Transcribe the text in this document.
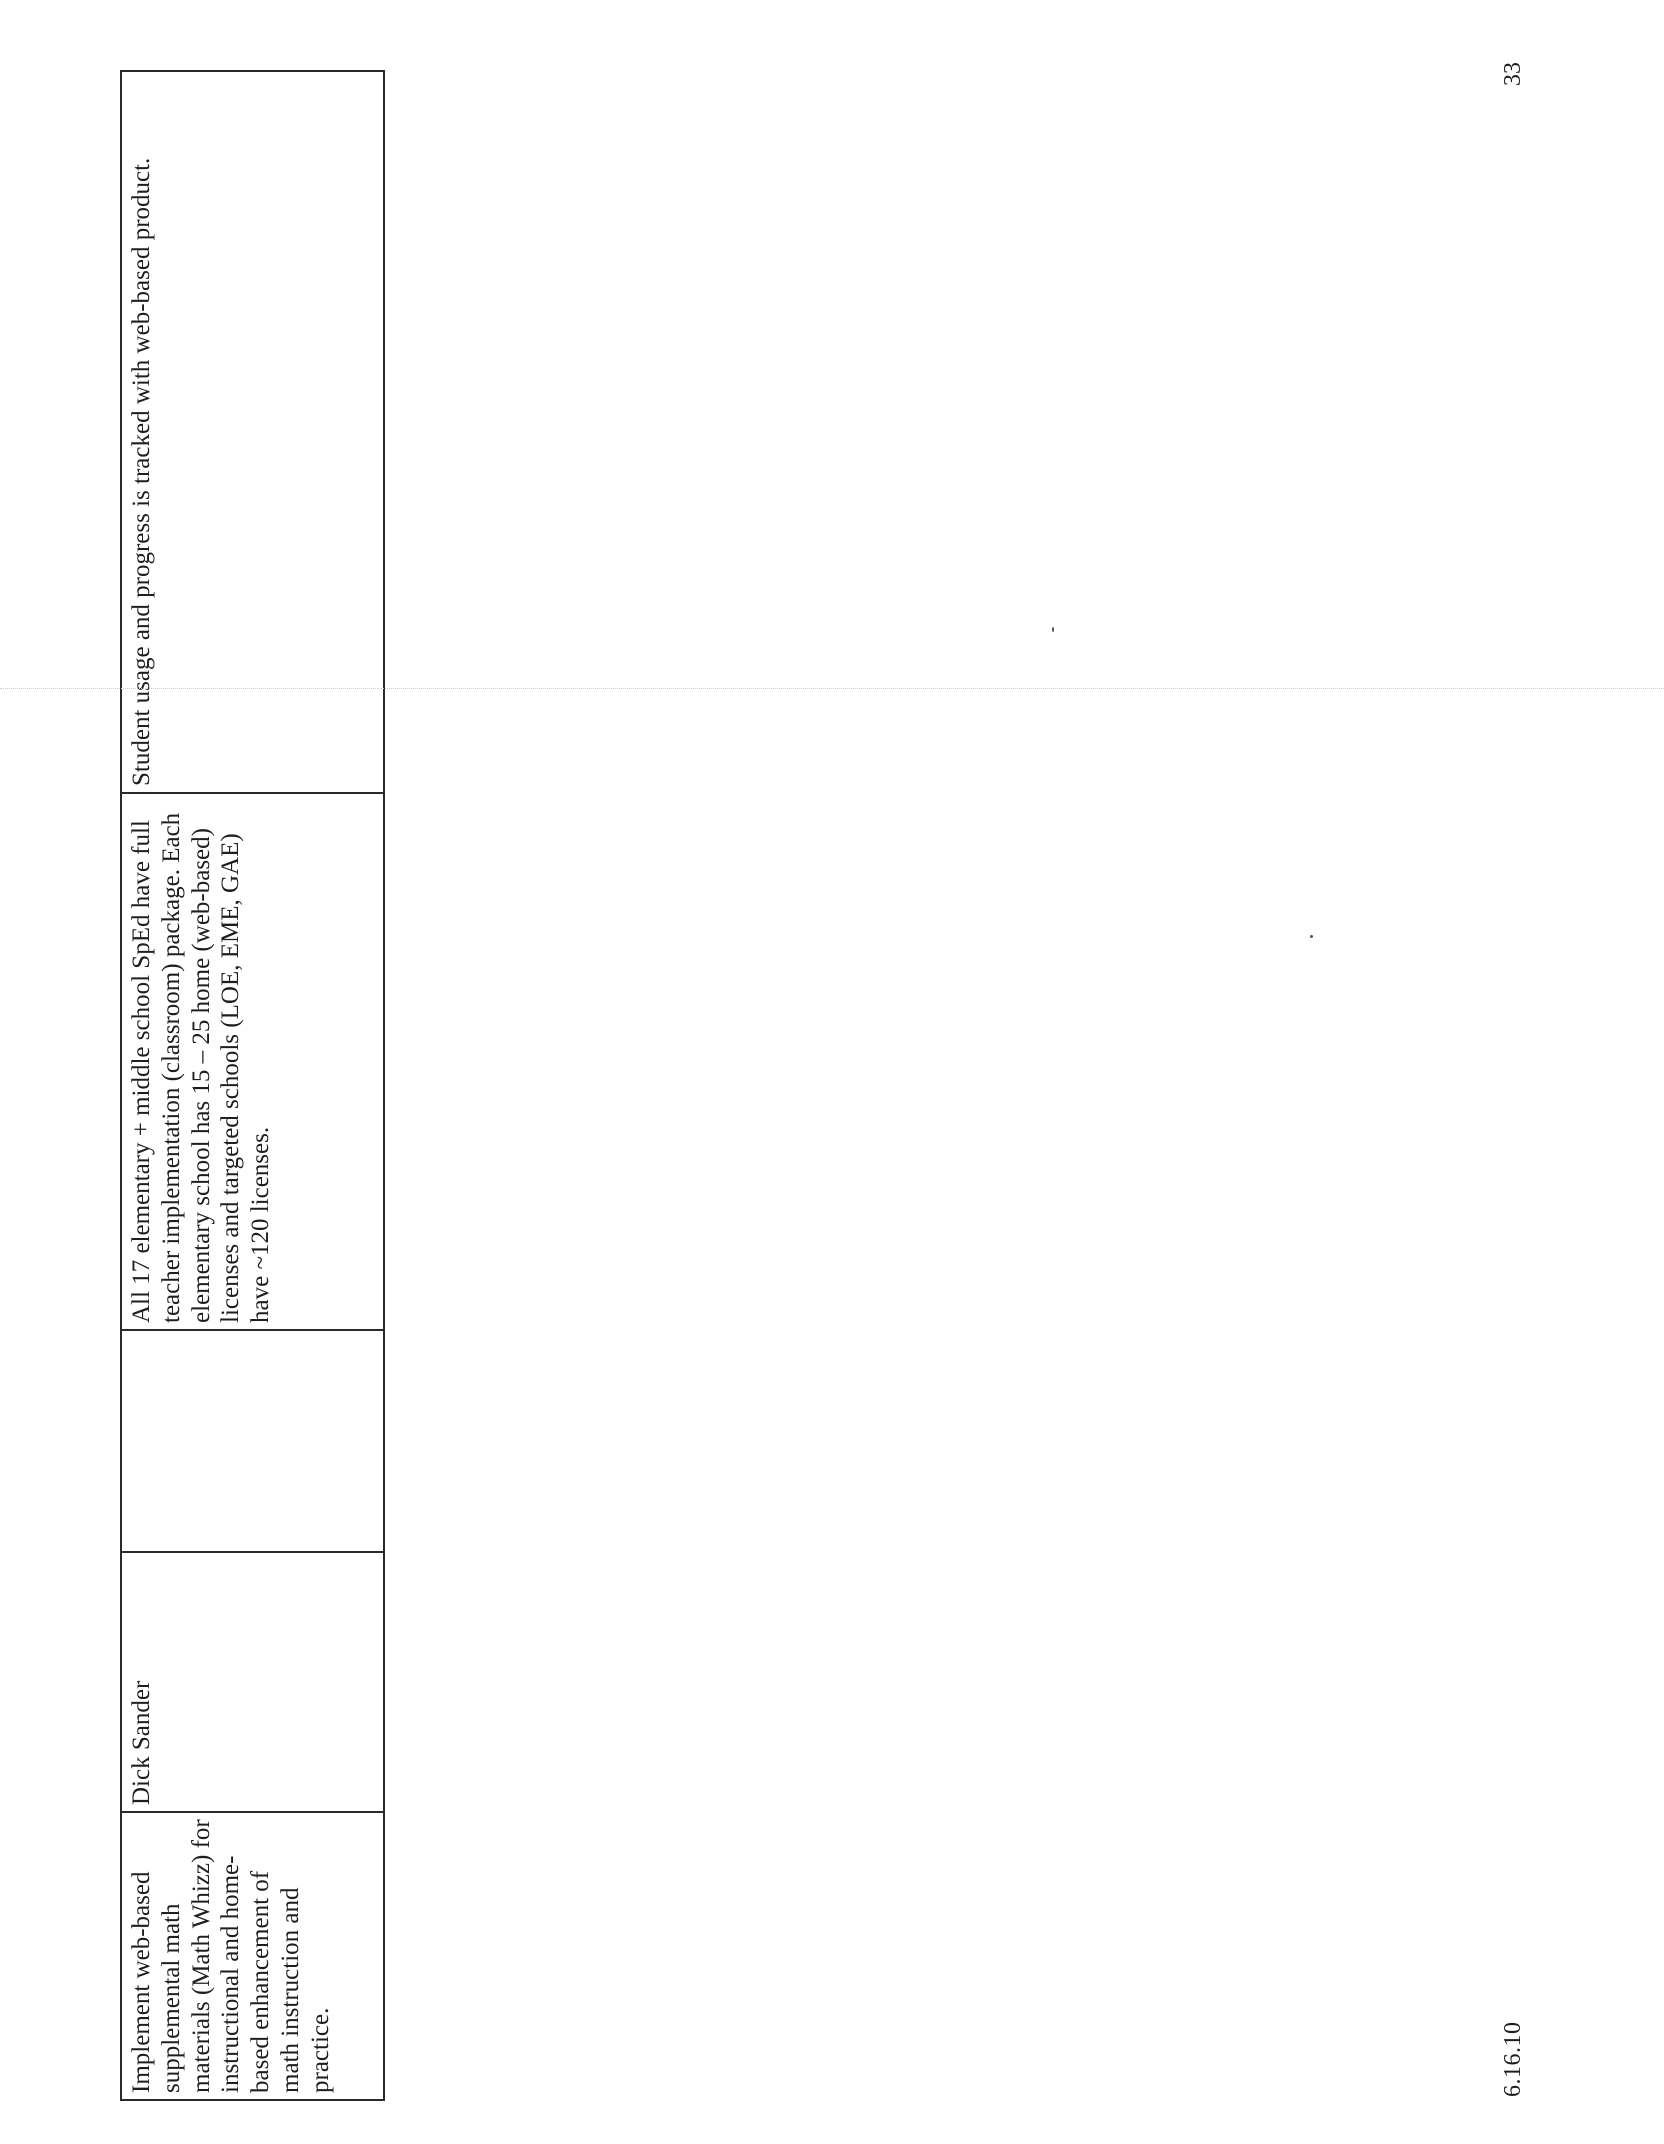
Implement web-based supplemental math materials (Math Whizz) for instructional and home-based enhancement of math instruction and practice.	Dick Sander		All 17 elementary + middle school SpEd have full teacher implementation (classroom) package. Each elementary school has 15 – 25 home (web-based) licenses and targeted schools (LOE, EME, GAE) have ~120 licenses.	Student usage and progress is tracked with web-based product.
6.16.10
33
